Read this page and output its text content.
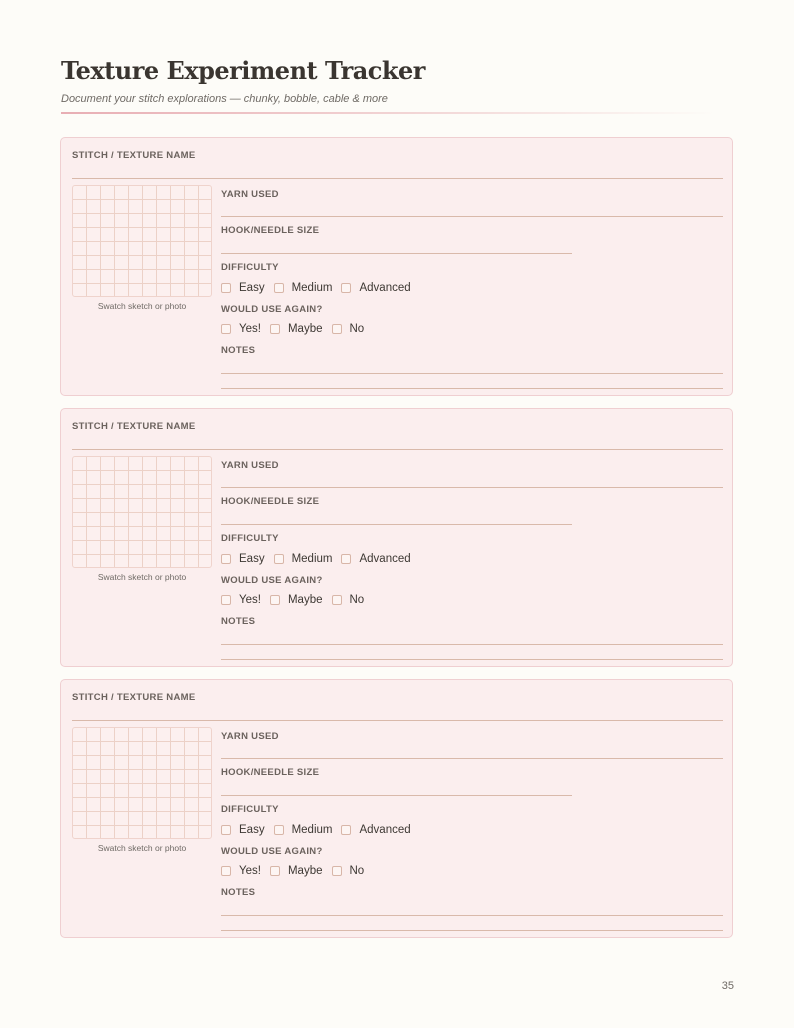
Texture Experiment Tracker
Document your stitch explorations — chunky, bobble, cable & more
STITCH / TEXTURE NAME
Swatch sketch or photo
YARN USED
HOOK/NEEDLE SIZE
DIFFICULTY
Easy Medium Advanced
WOULD USE AGAIN?
Yes! Maybe No
NOTES
STITCH / TEXTURE NAME
Swatch sketch or photo
YARN USED
HOOK/NEEDLE SIZE
DIFFICULTY
Easy Medium Advanced
WOULD USE AGAIN?
Yes! Maybe No
NOTES
STITCH / TEXTURE NAME
Swatch sketch or photo
YARN USED
HOOK/NEEDLE SIZE
DIFFICULTY
Easy Medium Advanced
WOULD USE AGAIN?
Yes! Maybe No
NOTES
35
